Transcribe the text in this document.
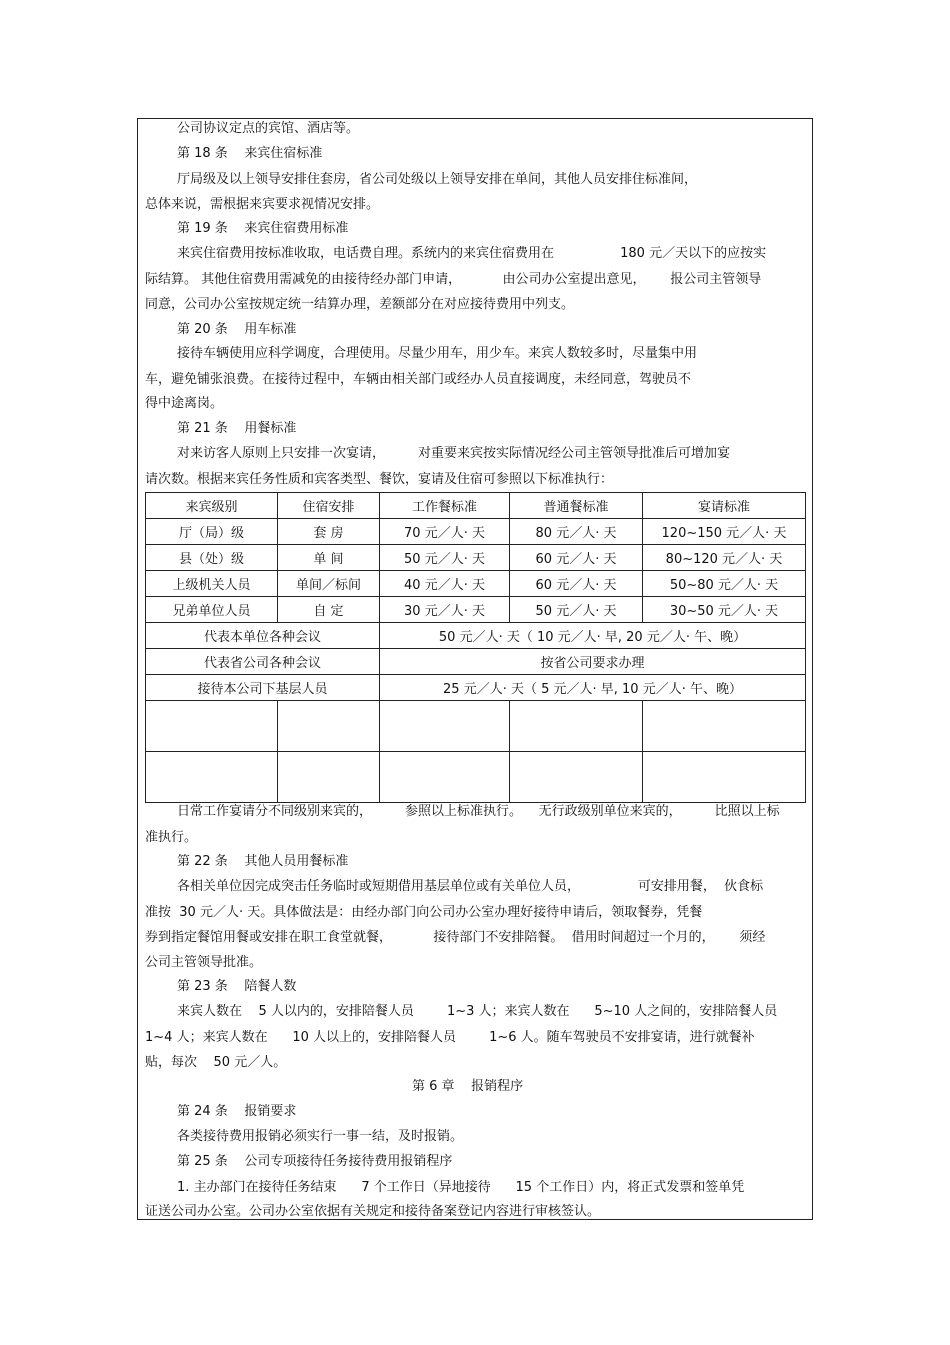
公司协议定点的宾馆、酒店等。
第 18 条    来宾住宿标准
厅局级及以上领导安排住套房，省公司处级以上领导安排在单间，其他人员安排住标准间，
总体来说，需根据来宾要求视情况安排。
第 19 条    来宾住宿费用标准
来宾住宿费用按标准收取，电话费自理。系统内的来宾住宿费用在                180 元／天以下的应按实
际结算。 其他住宿费用需减免的由接待经办部门申请，          由公司办公室提出意见，      报公司主管领导
同意，公司办公室按规定统一结算办理，差额部分在对应接待费用中列支。
第 20 条    用车标准
接待车辆使用应科学调度，合理使用。尽量少用车，用少车。来宾人数较多时，尽量集中用
车，避免铺张浪费。在接待过程中，车辆由相关部门或经办人员直接调度，未经同意，驾驶员不
得中途离岗。
第 21 条    用餐标准
对来访客人原则上只安排一次宴请，        对重要来宾按实际情况经公司主管领导批准后可增加宴
请次数。根据来宾任务性质和宾客类型、餐饮，宴请及住宿可参照以下标准执行：
来宾级别	住宿安排	工作餐标准	普通餐标准	宴请标准
厅（局）级	套 房	70 元／人· 天	80 元／人· 天	120~150 元／人· 天
县（处）级	单 间	50 元／人· 天	60 元／人· 天	80~120 元／人· 天
上级机关人员	单间／标间	40 元／人· 天	60 元／人· 天	50~80 元／人· 天
兄弟单位人员	自 定	30 元／人· 天	50 元／人· 天	30~50 元／人· 天
代表本单位各种会议		50 元／人· 天（ 10 元／人· 早, 20 元／人· 午、晚）		
代表省公司各种会议		按省公司要求办理		
接待本公司下基层人员		25 元／人· 天（ 5 元／人· 早, 10 元／人· 午、晚）		

日常工作宴请分不同级别来宾的，        参照以上标准执行。    无行政级别单位来宾的，        比照以上标
准执行。
第 22 条    其他人员用餐标准
各相关单位因完成突击任务临时或短期借用基层单位或有关单位人员，              可安排用餐，  伙食标
准按  30 元／人· 天。具体做法是：由经办部门向公司办公室办理好接待申请后，领取餐券，凭餐
券到指定餐馆用餐或安排在职工食堂就餐，          接待部门不安排陪餐。  借用时间超过一个月的，      须经
公司主管领导批准。
第 23 条    陪餐人数
来宾人数在    5 人以内的，安排陪餐人员        1~3 人；来宾人数在      5~10 人之间的，安排陪餐人员
1~4 人；来宾人数在      10 人以上的，安排陪餐人员        1~6 人。随车驾驶员不安排宴请，进行就餐补
贴，每次    50 元／人。
第 6 章    报销程序
第 24 条    报销要求
各类接待费用报销必须实行一事一结，及时报销。
第 25 条    公司专项接待任务接待费用报销程序
1. 主办部门在接待任务结束      7 个工作日（异地接待      15 个工作日）内，将正式发票和签单凭
证送公司办公室。公司办公室依据有关规定和接待备案登记内容进行审核签认。
